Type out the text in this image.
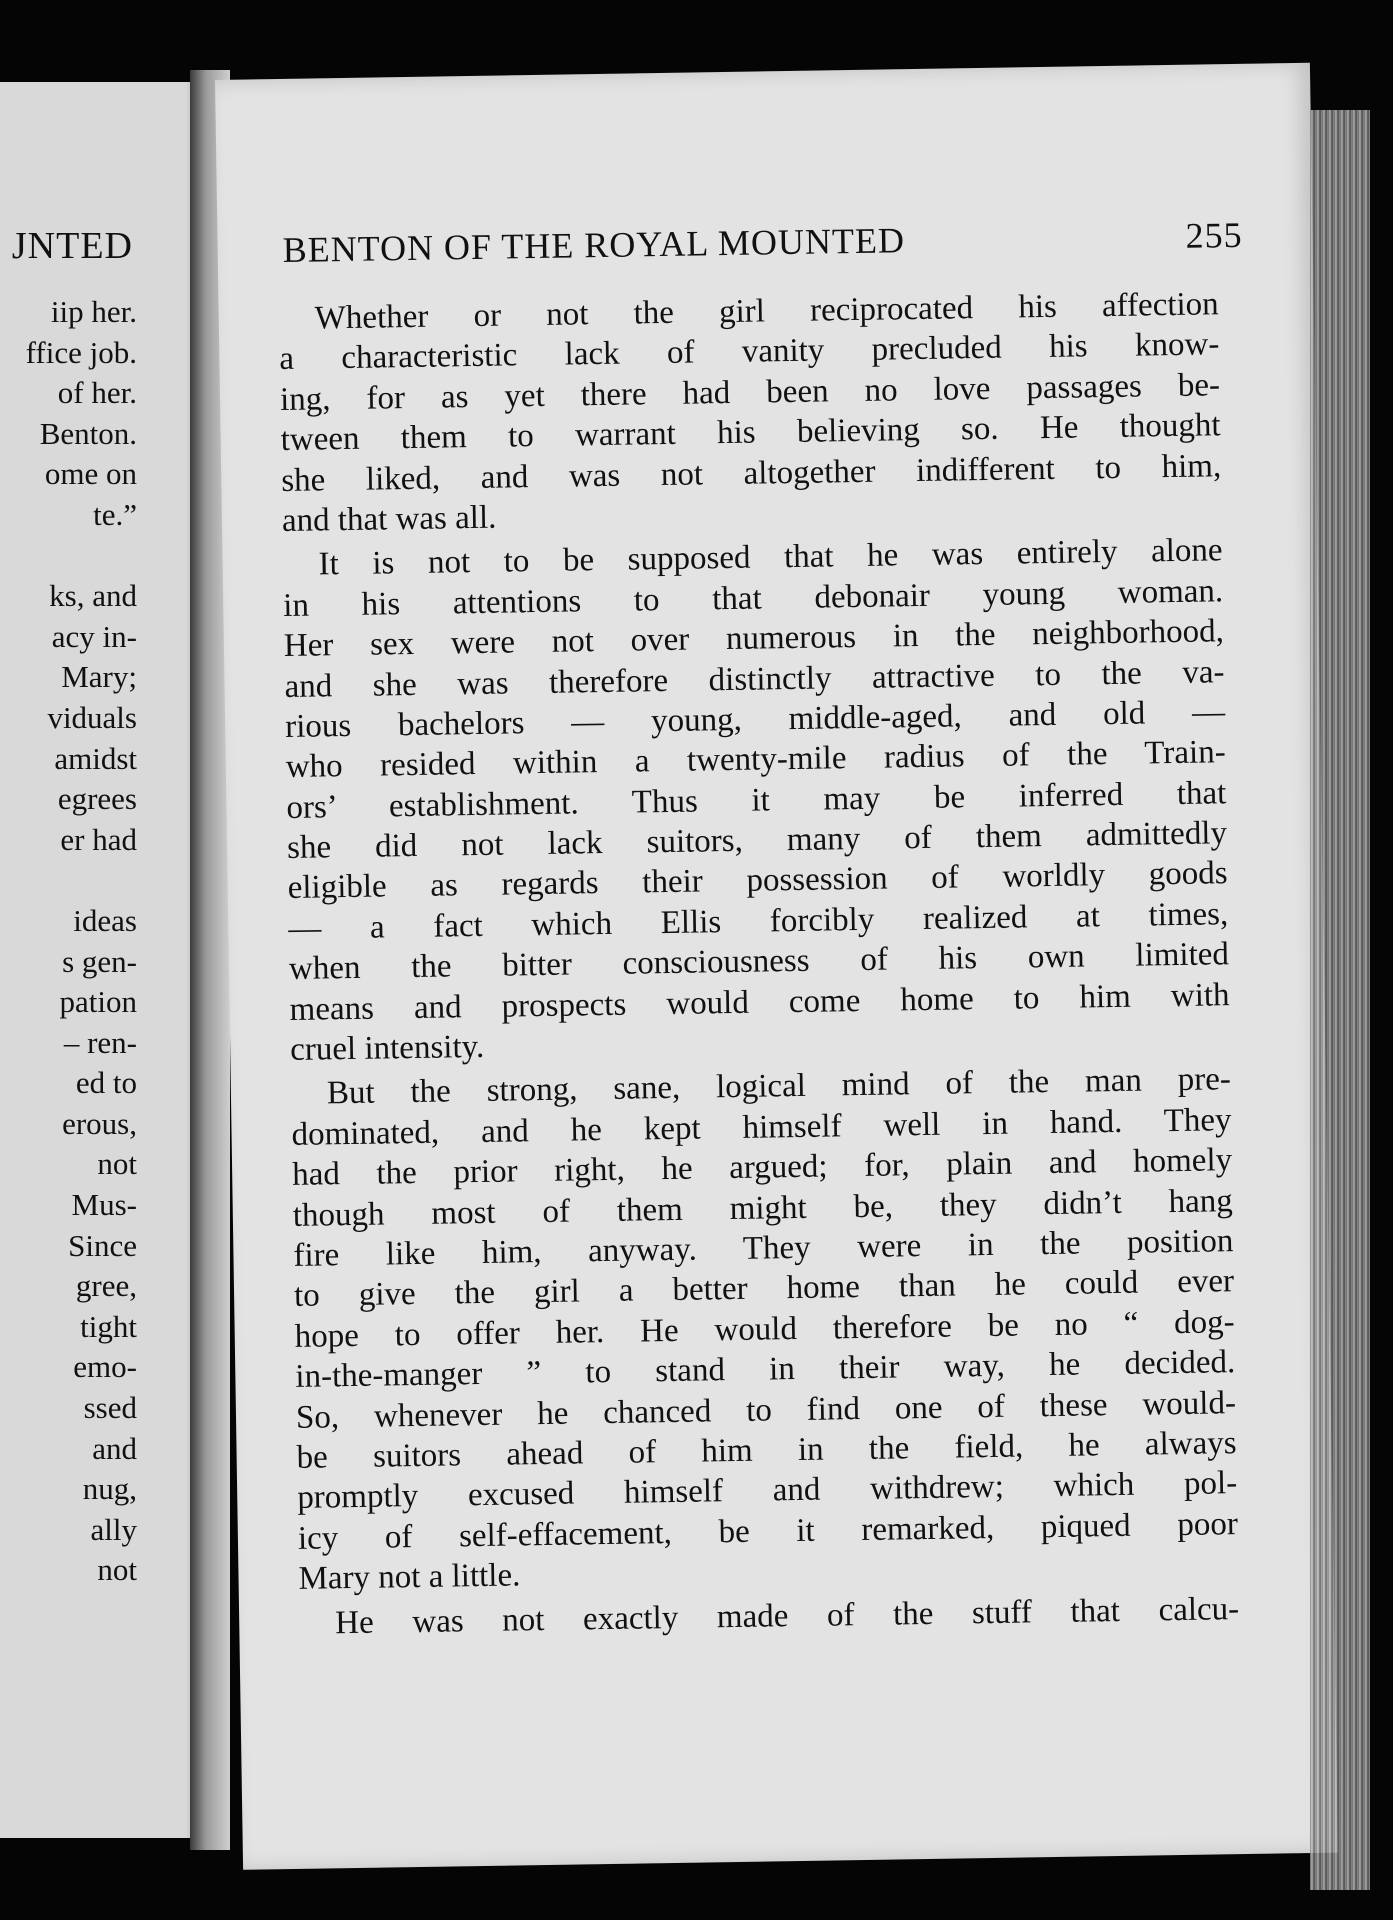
JNTED
iip her.
ffice job.
of her.
Benton.
ome on
te.”
ks, and
acy in-
Mary;
viduals
amidst
egrees
er had
ideas
s gen-
pation
– ren-
ed to
erous,
not
Mus-
Since
gree,
tight
emo-
ssed
and
nug,
ally
not
BENTON OF THE ROYAL MOUNTED	255
Whether or not the girl reciprocated his affection
a characteristic lack of vanity precluded his know-
ing, for as yet there had been no love passages be-
tween them to warrant his believing so. He thought
she liked, and was not altogether indifferent to him,
and that was all.
It is not to be supposed that he was entirely alone
in his attentions to that debonair young woman.
Her sex were not over numerous in the neighborhood,
and she was therefore distinctly attractive to the va-
rious bachelors — young, middle-aged, and old —
who resided within a twenty-mile radius of the Train-
ors’ establishment. Thus it may be inferred that
she did not lack suitors, many of them admittedly
eligible as regards their possession of worldly goods
— a fact which Ellis forcibly realized at times,
when the bitter consciousness of his own limited
means and prospects would come home to him with
cruel intensity.
But the strong, sane, logical mind of the man pre-
dominated, and he kept himself well in hand. They
had the prior right, he argued; for, plain and homely
though most of them might be, they didn’t hang
fire like him, anyway. They were in the position
to give the girl a better home than he could ever
hope to offer her. He would therefore be no “ dog-
in-the-manger ” to stand in their way, he decided.
So, whenever he chanced to find one of these would-
be suitors ahead of him in the field, he always
promptly excused himself and withdrew; which pol-
icy of self-effacement, be it remarked, piqued poor
Mary not a little.
He was not exactly made of the stuff that calcu-
